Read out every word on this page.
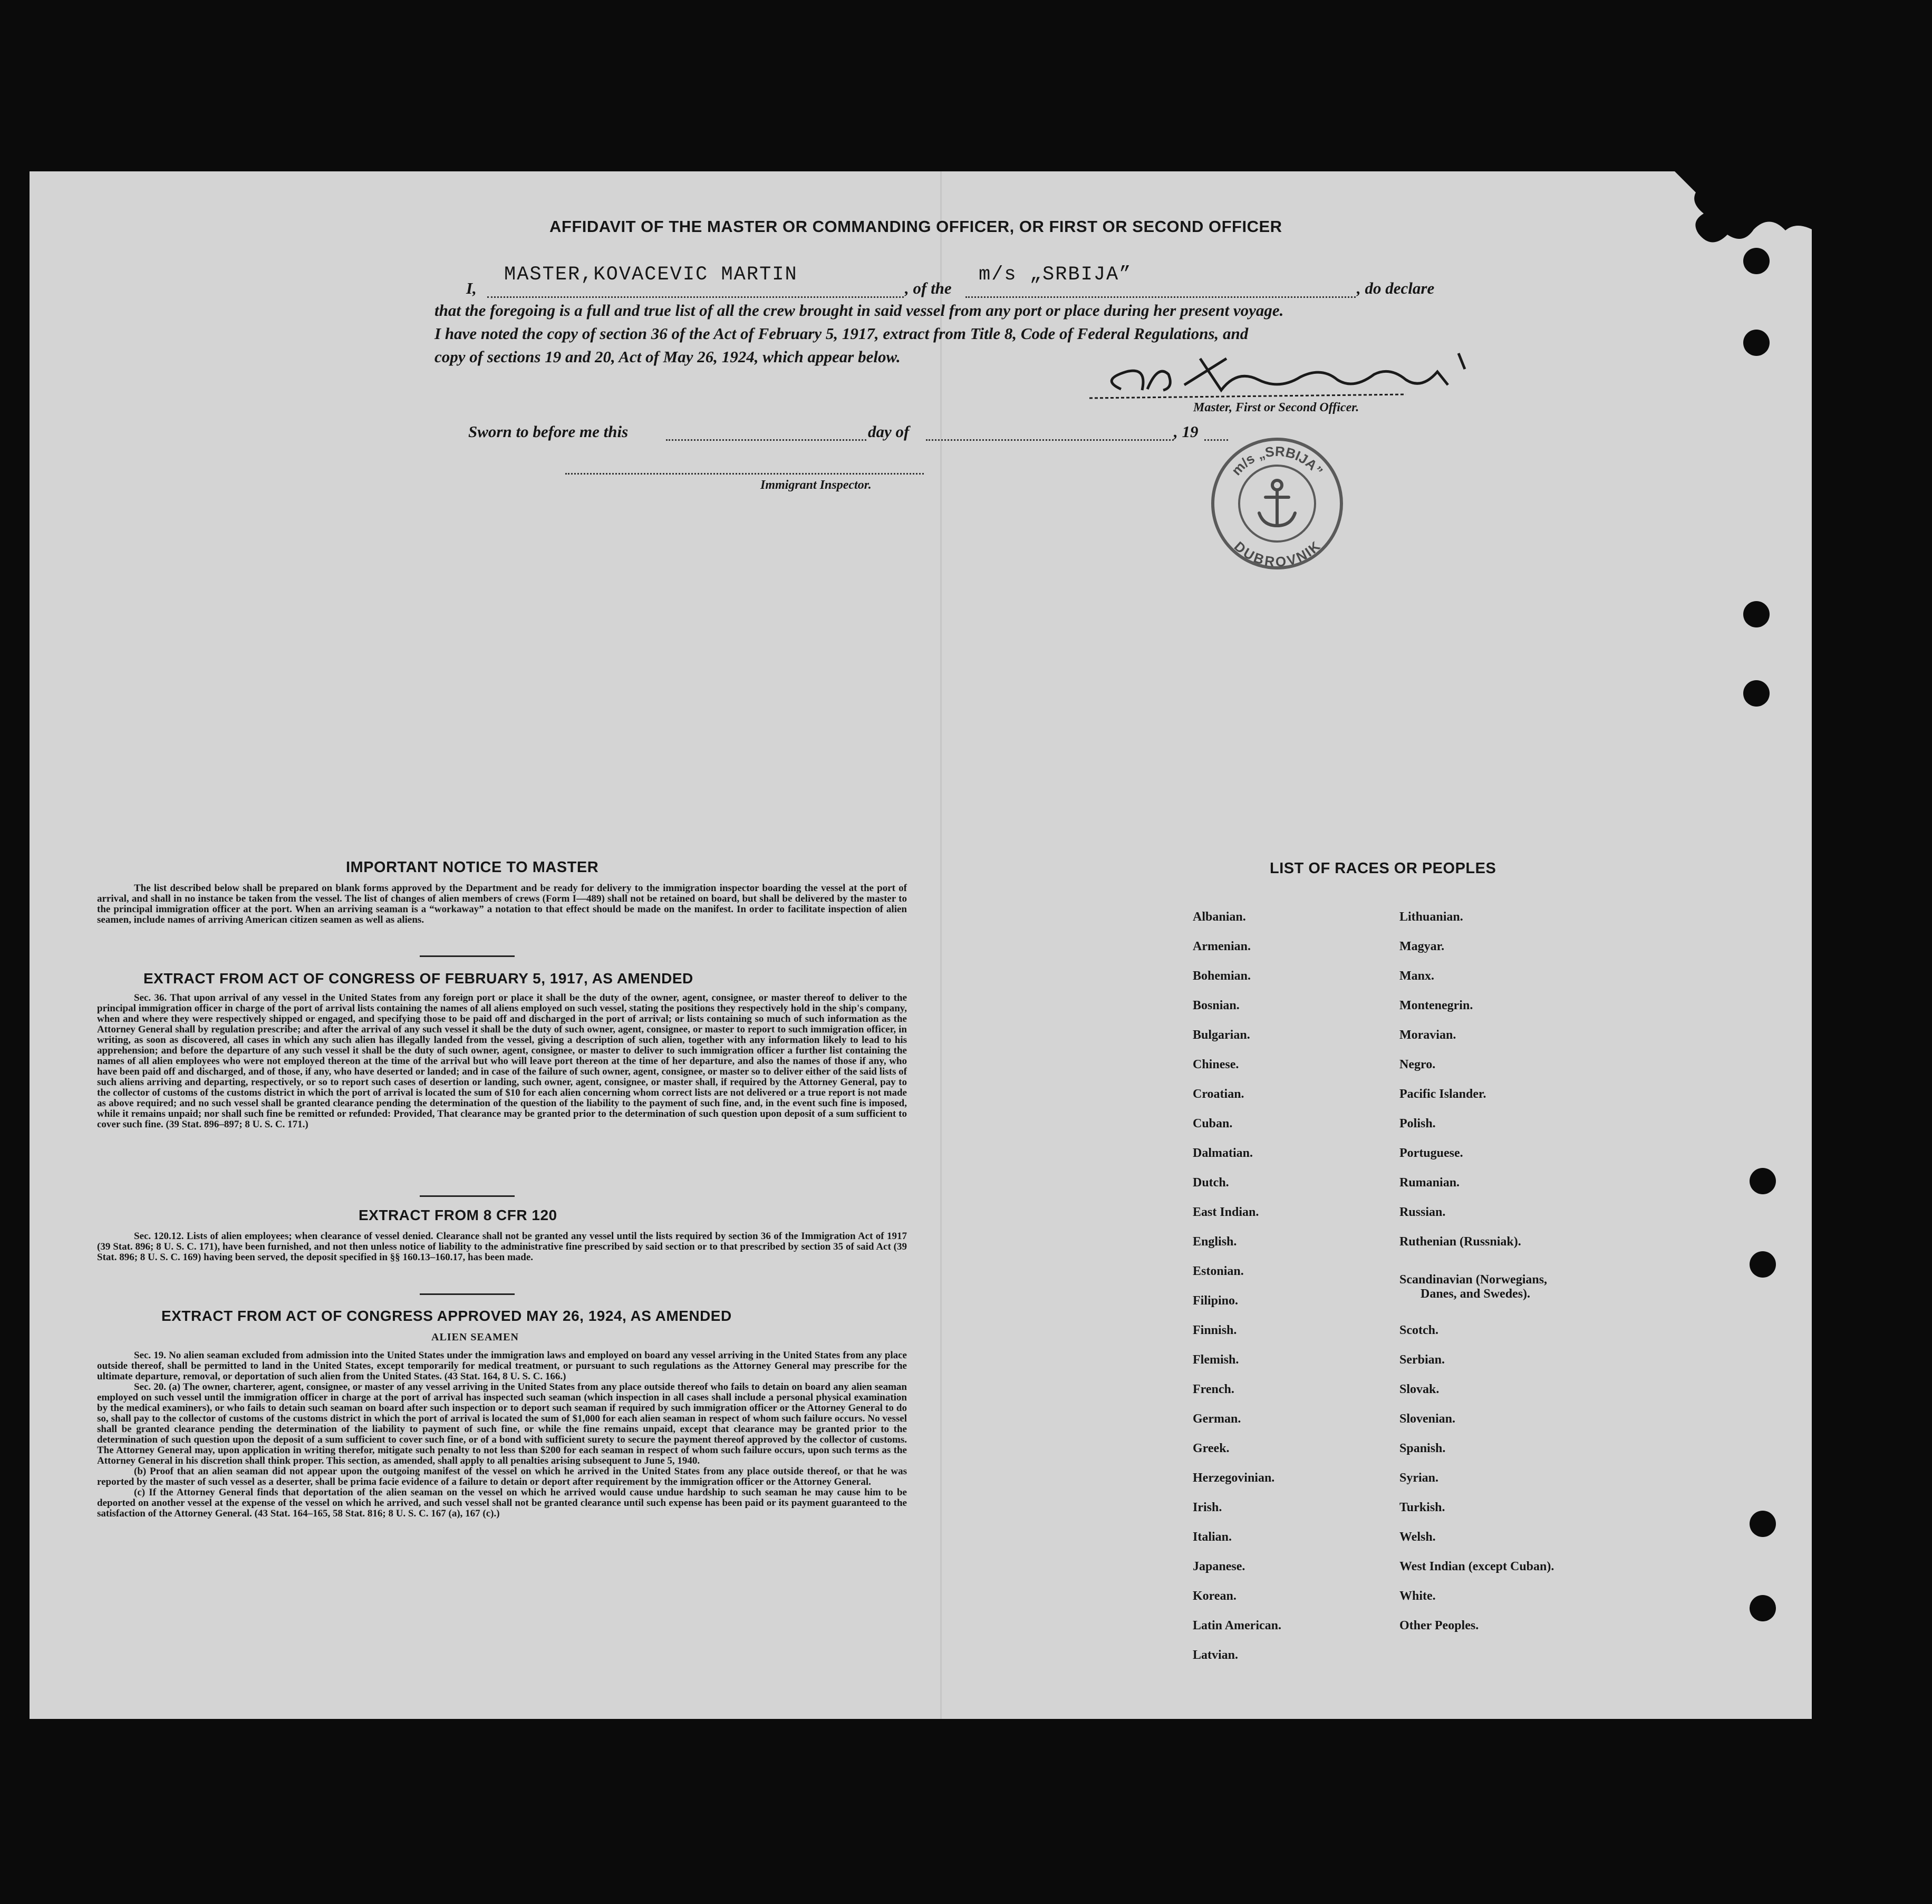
AFFIDAVIT OF THE MASTER OR COMMANDING OFFICER, OR FIRST OR SECOND OFFICER
I,
MASTER,KOVACEVIC MARTIN
, of the
m/s „SRBIJA”
, do declare
that the foregoing is a full and true list of all the crew brought in said vessel from any port or place during her present voyage.
I have noted the copy of section 36 of the Act of February 5, 1917, extract from Title 8, Code of Federal Regulations, and
copy of sections 19 and 20, Act of May 26, 1924, which appear below.
Master, First or Second Officer.
Sworn to before me this	day of	, 19
Immigrant Inspector.
m/s „SRBIJA”
DUBROVNIK
IMPORTANT NOTICE TO MASTER
The list described below shall be prepared on blank forms approved by the Department and be ready for delivery to the immigration inspector boarding the vessel at the port of arrival, and shall in no instance be taken from the vessel. The list of changes of alien members of crews (Form I—489) shall not be retained on board, but shall be delivered by the master to the principal immigration officer at the port. When an arriving seaman is a “workaway” a notation to that effect should be made on the manifest. In order to facilitate inspection of alien seamen, include names of arriving American citizen seamen as well as aliens.
EXTRACT FROM ACT OF CONGRESS OF FEBRUARY 5, 1917, AS AMENDED
Sec. 36. That upon arrival of any vessel in the United States from any foreign port or place it shall be the duty of the owner, agent, consignee, or master thereof to deliver to the principal immigration officer in charge of the port of arrival lists containing the names of all aliens employed on such vessel, stating the positions they respectively hold in the ship's company, when and where they were respectively shipped or engaged, and specifying those to be paid off and discharged in the port of arrival; or lists containing so much of such information as the Attorney General shall by regulation prescribe; and after the arrival of any such vessel it shall be the duty of such owner, agent, consignee, or master to report to such immigration officer, in writing, as soon as discovered, all cases in which any such alien has illegally landed from the vessel, giving a description of such alien, together with any information likely to lead to his apprehension; and before the departure of any such vessel it shall be the duty of such owner, agent, consignee, or master to deliver to such immigration officer a further list containing the names of all alien employees who were not employed thereon at the time of the arrival but who will leave port thereon at the time of her departure, and also the names of those if any, who have been paid off and discharged, and of those, if any, who have deserted or landed; and in case of the failure of such owner, agent, consignee, or master so to deliver either of the said lists of such aliens arriving and departing, respectively, or so to report such cases of desertion or landing, such owner, agent, consignee, or master shall, if required by the Attorney General, pay to the collector of customs of the customs district in which the port of arrival is located the sum of $10 for each alien concerning whom correct lists are not delivered or a true report is not made as above required; and no such vessel shall be granted clearance pending the determination of the question of the liability to the payment of such fine, and, in the event such fine is imposed, while it remains unpaid; nor shall such fine be remitted or refunded: Provided, That clearance may be granted prior to the determination of such question upon deposit of a sum sufficient to cover such fine. (39 Stat. 896–897; 8 U. S. C. 171.)
EXTRACT FROM 8 CFR 120
Sec. 120.12. Lists of alien employees; when clearance of vessel denied. Clearance shall not be granted any vessel until the lists required by section 36 of the Immigration Act of 1917 (39 Stat. 896; 8 U. S. C. 171), have been furnished, and not then unless notice of liability to the administrative fine prescribed by said section or to that prescribed by section 35 of said Act (39 Stat. 896; 8 U. S. C. 169) having been served, the deposit specified in §§ 160.13–160.17, has been made.
EXTRACT FROM ACT OF CONGRESS APPROVED MAY 26, 1924, AS AMENDED
ALIEN SEAMEN
Sec. 19. No alien seaman excluded from admission into the United States under the immigration laws and employed on board any vessel arriving in the United States from any place outside thereof, shall be permitted to land in the United States, except temporarily for medical treatment, or pursuant to such regulations as the Attorney General may prescribe for the ultimate departure, removal, or deportation of such alien from the United States. (43 Stat. 164, 8 U. S. C. 166.)
Sec. 20. (a) The owner, charterer, agent, consignee, or master of any vessel arriving in the United States from any place outside thereof who fails to detain on board any alien seaman employed on such vessel until the immigration officer in charge at the port of arrival has inspected such seaman (which inspection in all cases shall include a personal physical examination by the medical examiners), or who fails to detain such seaman on board after such inspection or to deport such seaman if required by such immigration officer or the Attorney General to do so, shall pay to the collector of customs of the customs district in which the port of arrival is located the sum of $1,000 for each alien seaman in respect of whom such failure occurs. No vessel shall be granted clearance pending the determination of the liability to payment of such fine, or while the fine remains unpaid, except that clearance may be granted prior to the determination of such question upon the deposit of a sum sufficient to cover such fine, or of a bond with sufficient surety to secure the payment thereof approved by the collector of customs. The Attorney General may, upon application in writing therefor, mitigate such penalty to not less than $200 for each seaman in respect of whom such failure occurs, upon such terms as the Attorney General in his discretion shall think proper. This section, as amended, shall apply to all penalties arising subsequent to June 5, 1940.
(b) Proof that an alien seaman did not appear upon the outgoing manifest of the vessel on which he arrived in the United States from any place outside thereof, or that he was reported by the master of such vessel as a deserter, shall be prima facie evidence of a failure to detain or deport after requirement by the immigration officer or the Attorney General.
(c) If the Attorney General finds that deportation of the alien seaman on the vessel on which he arrived would cause undue hardship to such seaman he may cause him to be deported on another vessel at the expense of the vessel on which he arrived, and such vessel shall not be granted clearance until such expense has been paid or its payment guaranteed to the satisfaction of the Attorney General. (43 Stat. 164–165, 58 Stat. 816; 8 U. S. C. 167 (a), 167 (c).)
LIST OF RACES OR PEOPLES
Albanian.
Armenian.
Bohemian.
Bosnian.
Bulgarian.
Chinese.
Croatian.
Cuban.
Dalmatian.
Dutch.
East Indian.
English.
Estonian.
Filipino.
Finnish.
Flemish.
French.
German.
Greek.
Herzegovinian.
Irish.
Italian.
Japanese.
Korean.
Latin American.
Latvian.
Lithuanian.
Magyar.
Manx.
Montenegrin.
Moravian.
Negro.
Pacific Islander.
Polish.
Portuguese.
Rumanian.
Russian.
Ruthenian (Russniak).
Scandinavian (Norwegians,
Danes, and Swedes).
Scotch.
Serbian.
Slovak.
Slovenian.
Spanish.
Syrian.
Turkish.
Welsh.
West Indian (except Cuban).
White.
Other Peoples.
